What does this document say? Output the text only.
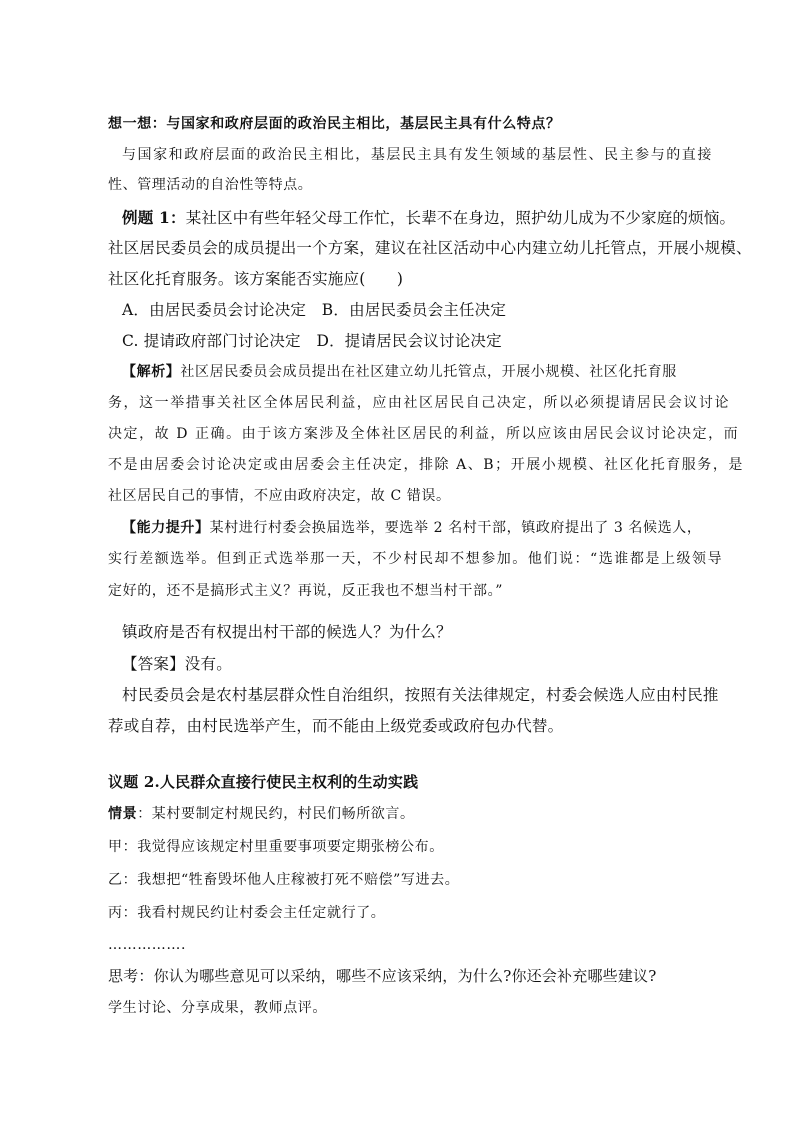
想一想：与国家和政府层面的政治民主相比，基层民主具有什么特点？
与国家和政府层面的政治民主相比，基层民主具有发生领域的基层性、民主参与的直接
性、管理活动的自治性等特点。
例题 1：某社区中有些年轻父母工作忙，长辈不在身边，照护幼儿成为不少家庭的烦恼。
社区居民委员会的成员提出一个方案，建议在社区活动中心内建立幼儿托管点，开展小规模、
社区化托育服务。该方案能否实施应(　　)
A．由居民委员会讨论决定　B．由居民委员会主任决定
C. 提请政府部门讨论决定　D．提请居民会议讨论决定
【解析】社区居民委员会成员提出在社区建立幼儿托管点，开展小规模、社区化托育服
务，这一举措事关社区全体居民利益，应由社区居民自己决定，所以必须提请居民会议讨论
决定，故 D 正确。由于该方案涉及全体社区居民的利益，所以应该由居民会议讨论决定，而
不是由居委会讨论决定或由居委会主任决定，排除 A、B；开展小规模、社区化托育服务，是
社区居民自己的事情，不应由政府决定，故 C 错误。
【能力提升】某村进行村委会换届选举，要选举 2 名村干部，镇政府提出了 3 名候选人，
实行差额选举。但到正式选举那一天，不少村民却不想参加。他们说：“选谁都是上级领导
定好的，还不是搞形式主义？再说，反正我也不想当村干部。”
镇政府是否有权提出村干部的候选人？为什么？
【答案】没有。
村民委员会是农村基层群众性自治组织，按照有关法律规定，村委会候选人应由村民推
荐或自荐，由村民选举产生，而不能由上级党委或政府包办代替。
议题 2.人民群众直接行使民主权利的生动实践
情景：某村要制定村规民约，村民们畅所欲言。
甲：我觉得应该规定村里重要事项要定期张榜公布。
乙：我想把“牲畜毁坏他人庄稼被打死不赔偿”写进去。
丙：我看村规民约让村委会主任定就行了。
…………….
思考：你认为哪些意见可以采纳，哪些不应该采纳，为什么?你还会补充哪些建议?
学生讨论、分享成果，教师点评。
